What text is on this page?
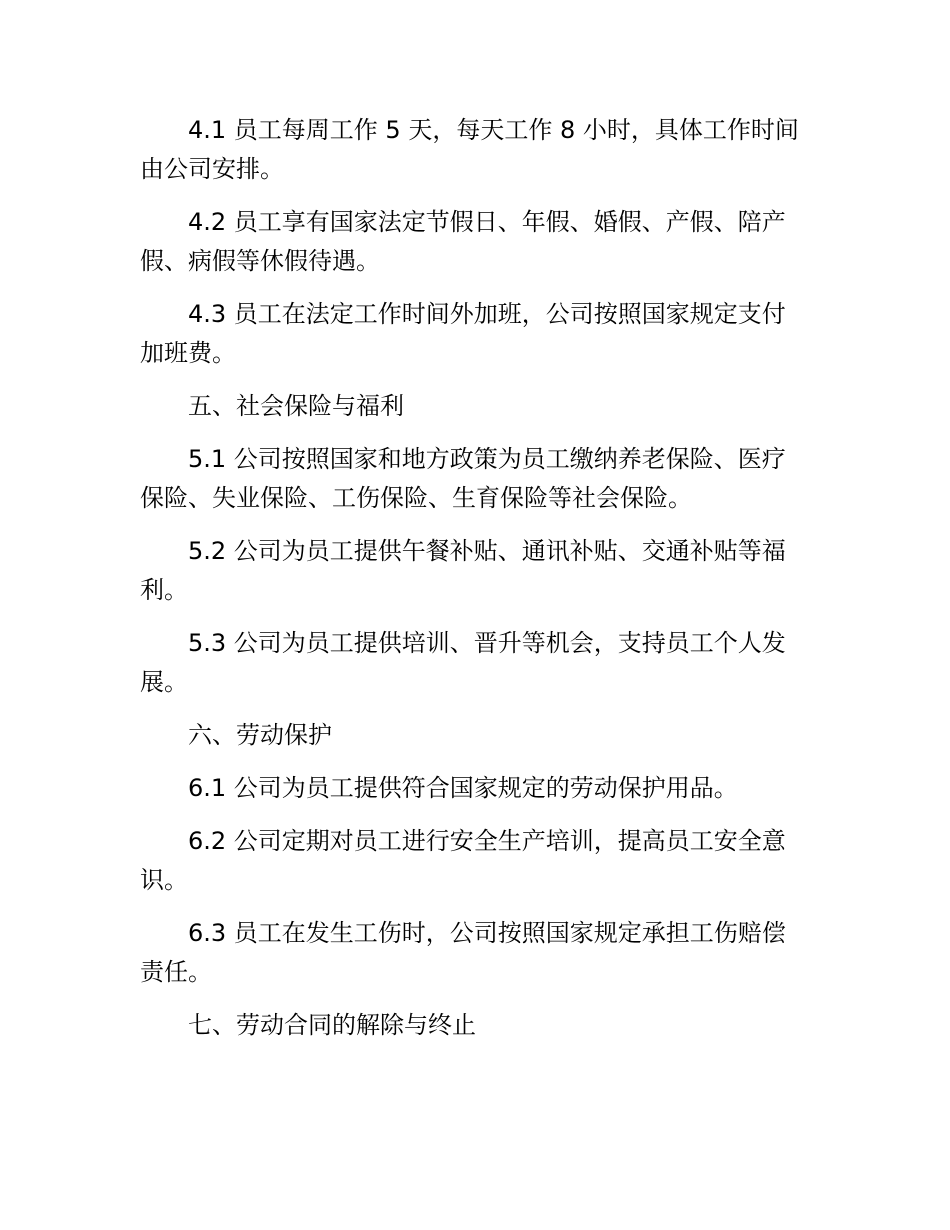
4.1 员工每周工作 5 天，每天工作 8 小时，具体工作时间由公司安排。

4.2 员工享有国家法定节假日、年假、婚假、产假、陪产假、病假等休假待遇。

4.3 员工在法定工作时间外加班，公司按照国家规定支付加班费。

五、社会保险与福利

5.1 公司按照国家和地方政策为员工缴纳养老保险、医疗保险、失业保险、工伤保险、生育保险等社会保险。

5.2 公司为员工提供午餐补贴、通讯补贴、交通补贴等福利。

5.3 公司为员工提供培训、晋升等机会，支持员工个人发展。

六、劳动保护

6.1 公司为员工提供符合国家规定的劳动保护用品。

6.2 公司定期对员工进行安全生产培训，提高员工安全意识。

6.3 员工在发生工伤时，公司按照国家规定承担工伤赔偿责任。

七、劳动合同的解除与终止
